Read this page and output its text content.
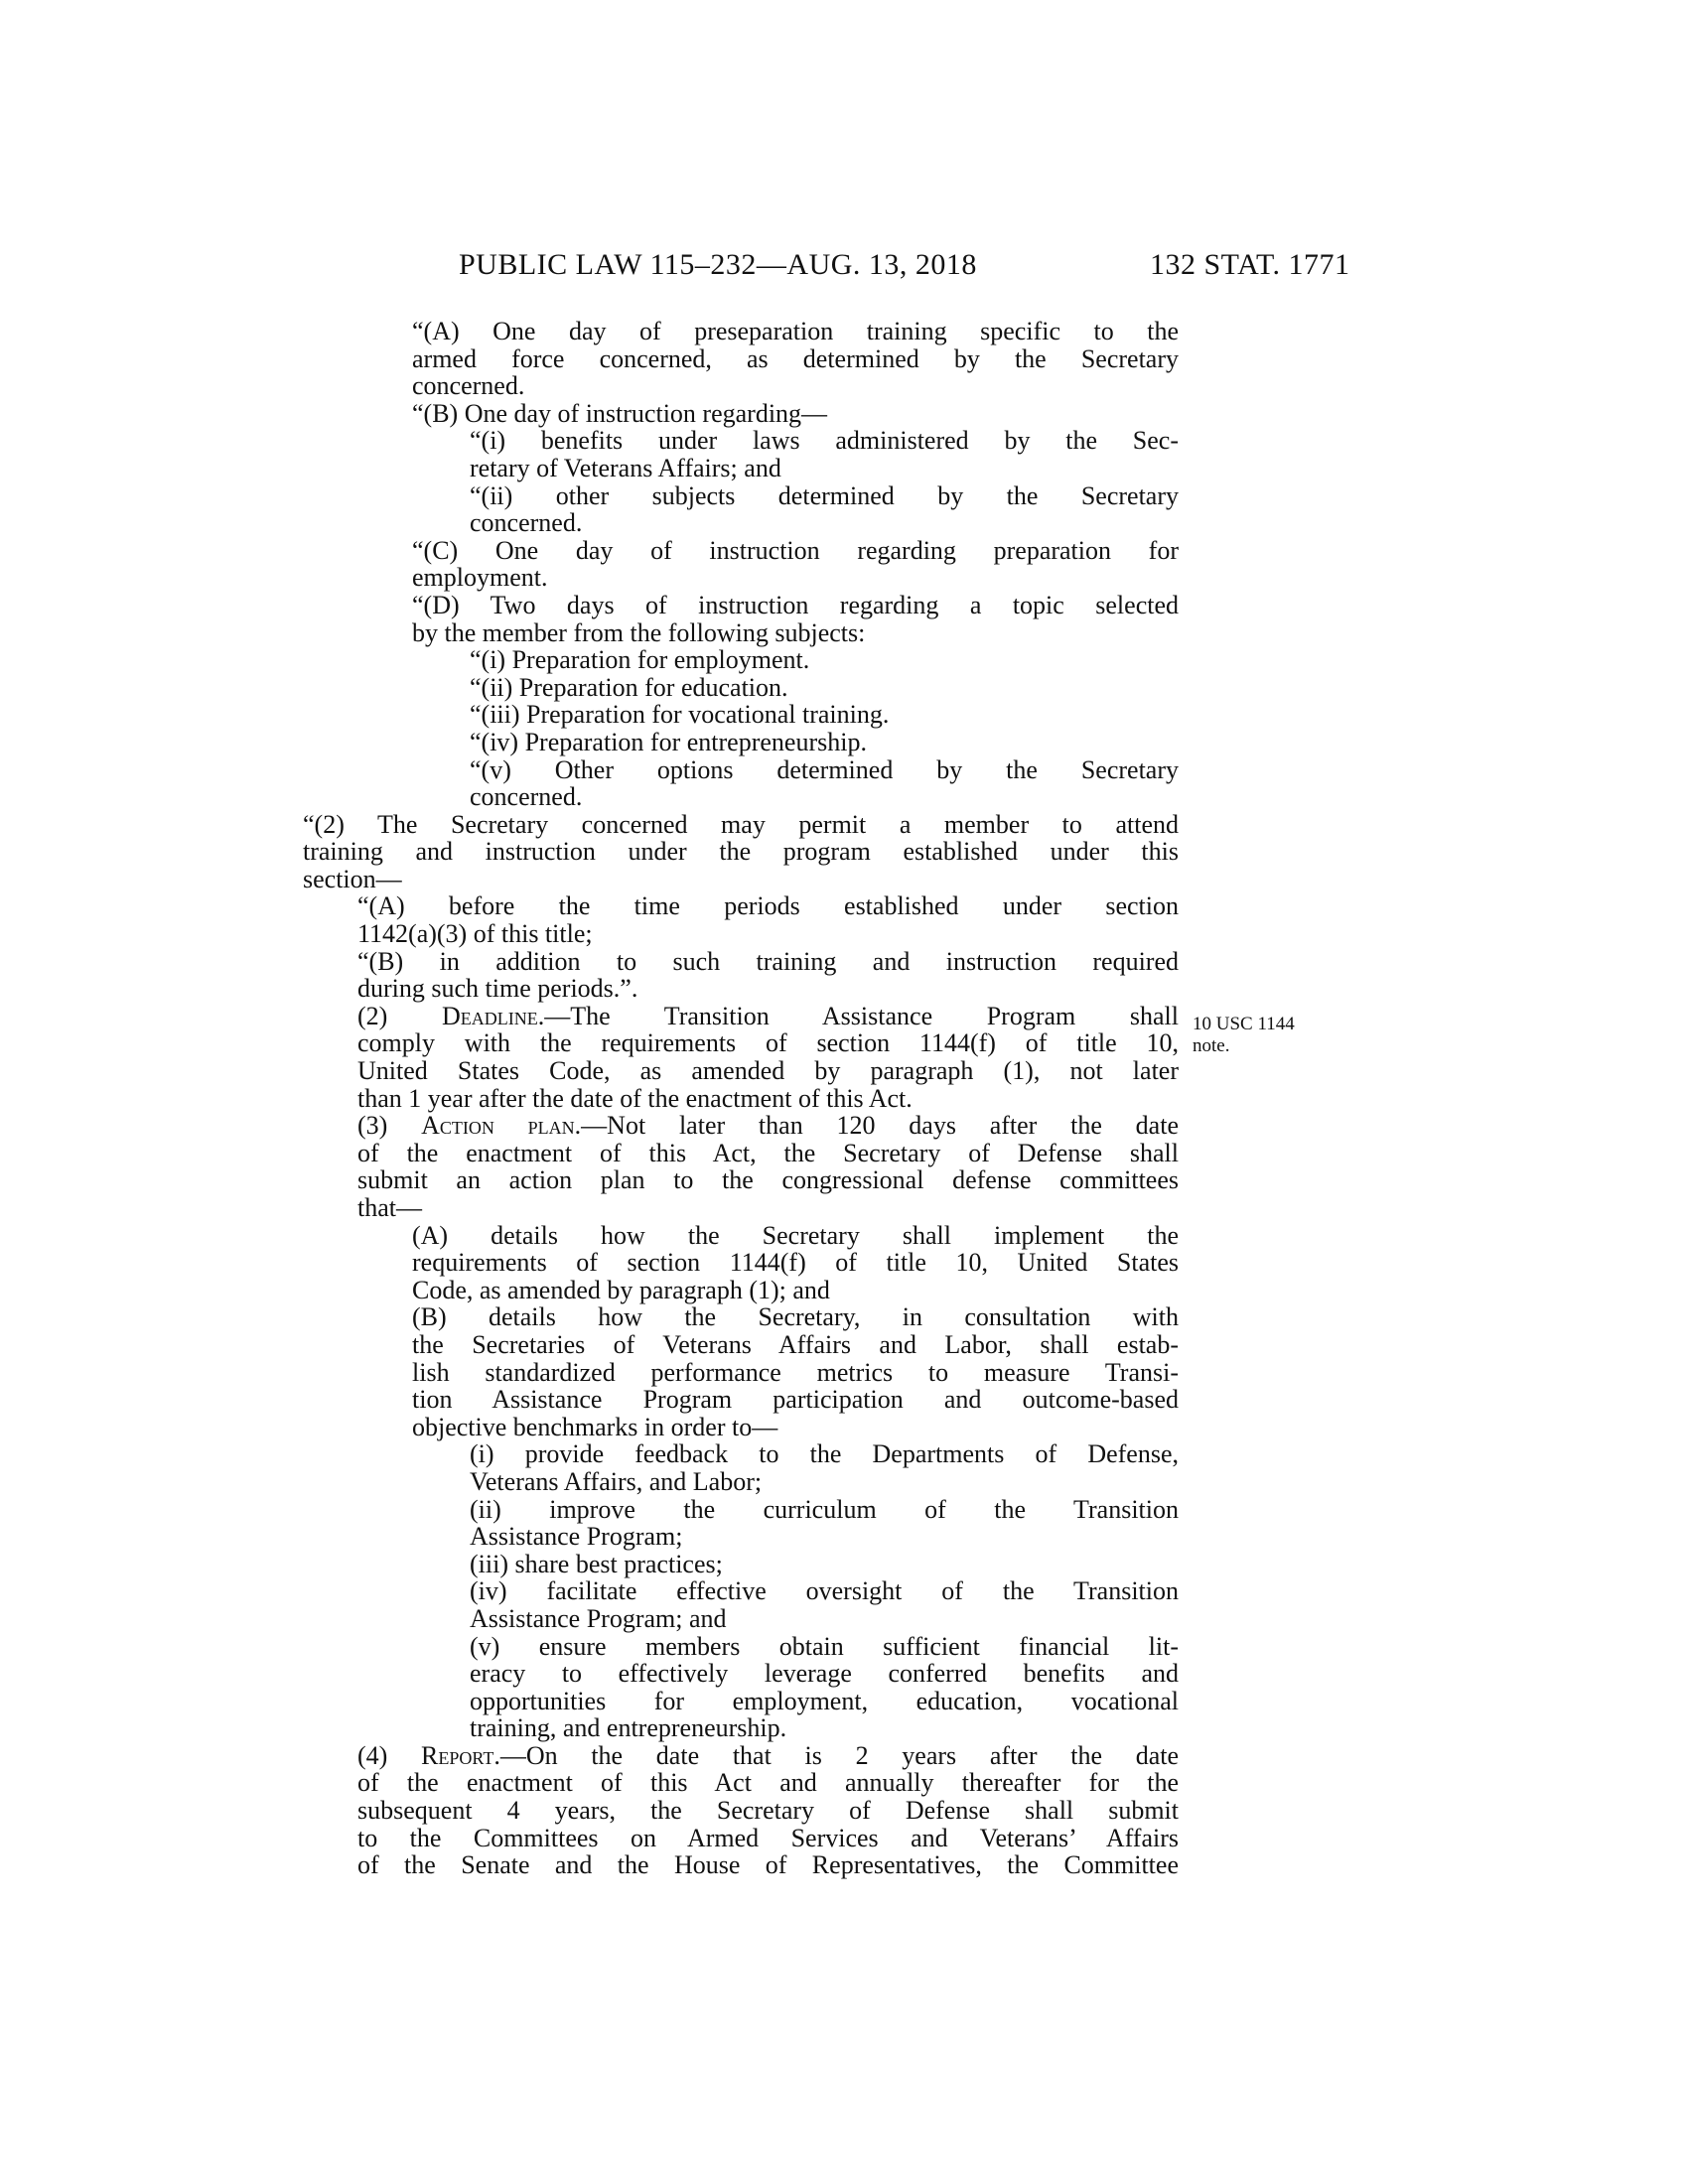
PUBLIC LAW 115–232—AUG. 13, 2018	132 STAT. 1771
“(A) One day of preseparation training specific to the
armed force concerned, as determined by the Secretary
concerned.
“(B) One day of instruction regarding—
“(i) benefits under laws administered by the Sec-
retary of Veterans Affairs; and
“(ii) other subjects determined by the Secretary
concerned.
“(C) One day of instruction regarding preparation for
employment.
“(D) Two days of instruction regarding a topic selected
by the member from the following subjects:
“(i) Preparation for employment.
“(ii) Preparation for education.
“(iii) Preparation for vocational training.
“(iv) Preparation for entrepreneurship.
“(v) Other options determined by the Secretary
concerned.
“(2) The Secretary concerned may permit a member to attend
training and instruction under the program established under this
section—
“(A) before the time periods established under section
1142(a)(3) of this title;
“(B) in addition to such training and instruction required
during such time periods.”.
(2) Deadline.—The Transition Assistance Program shall
comply with the requirements of section 1144(f) of title 10,
United States Code, as amended by paragraph (1), not later
than 1 year after the date of the enactment of this Act.
(3) Action plan.—Not later than 120 days after the date
of the enactment of this Act, the Secretary of Defense shall
submit an action plan to the congressional defense committees
that—
(A) details how the Secretary shall implement the
requirements of section 1144(f) of title 10, United States
Code, as amended by paragraph (1); and
(B) details how the Secretary, in consultation with
the Secretaries of Veterans Affairs and Labor, shall estab-
lish standardized performance metrics to measure Transi-
tion Assistance Program participation and outcome-based
objective benchmarks in order to—
(i) provide feedback to the Departments of Defense,
Veterans Affairs, and Labor;
(ii) improve the curriculum of the Transition
Assistance Program;
(iii) share best practices;
(iv) facilitate effective oversight of the Transition
Assistance Program; and
(v) ensure members obtain sufficient financial lit-
eracy to effectively leverage conferred benefits and
opportunities for employment, education, vocational
training, and entrepreneurship.
(4) Report.—On the date that is 2 years after the date
of the enactment of this Act and annually thereafter for the
subsequent 4 years, the Secretary of Defense shall submit
to the Committees on Armed Services and Veterans’ Affairs
of the Senate and the House of Representatives, the Committee
10 USC 1144
note.
